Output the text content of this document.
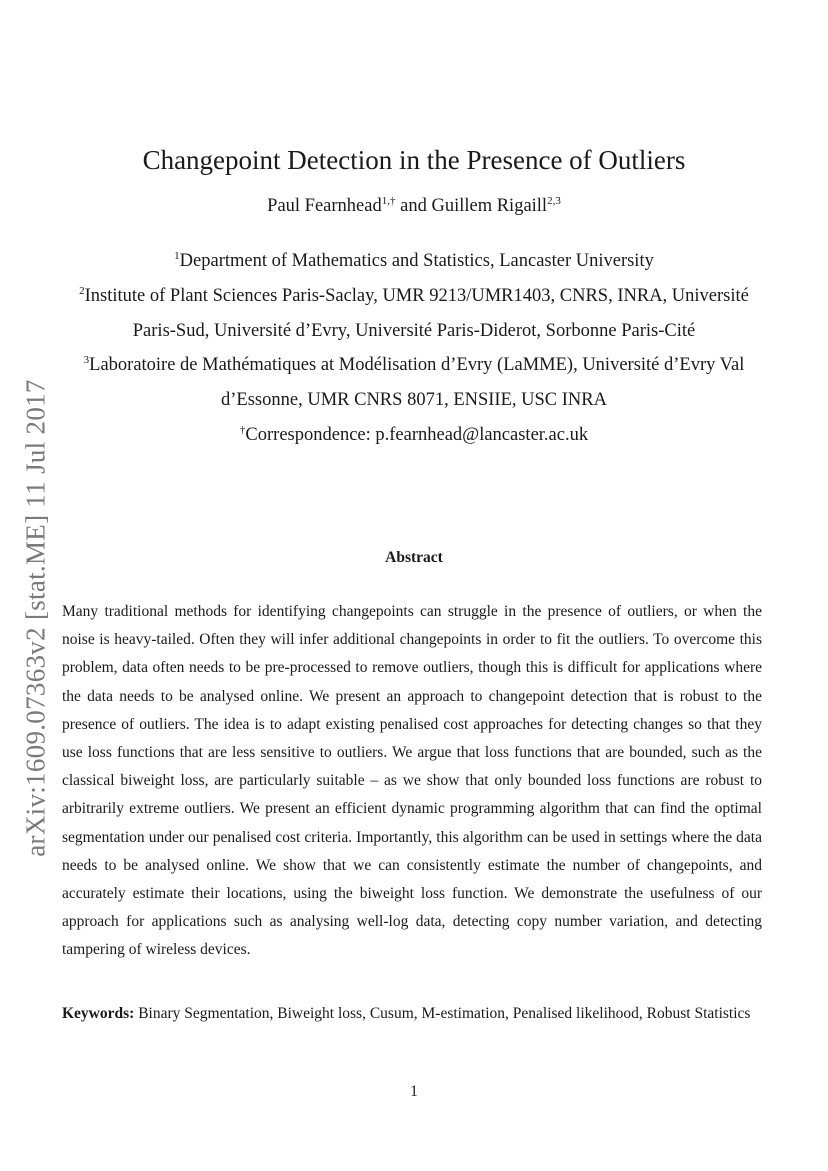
arXiv:1609.07363v2 [stat.ME] 11 Jul 2017
Changepoint Detection in the Presence of Outliers
Paul Fearnhead$^{1,\dagger}$ and Guillem Rigaill$^{2,3}$
$^1$Department of Mathematics and Statistics, Lancaster University
$^2$Institute of Plant Sciences Paris-Saclay, UMR 9213/UMR1403, CNRS, INRA, Université Paris-Sud, Université d’Evry, Université Paris-Diderot, Sorbonne Paris-Cité
$^3$Laboratoire de Mathématiques at Modélisation d’Evry (LaMME), Université d’Evry Val d’Essonne, UMR CNRS 8071, ENSIIE, USC INRA
†Correspondence: p.fearnhead@lancaster.ac.uk
Abstract

Many traditional methods for identifying changepoints can struggle in the presence of outliers, or when the noise is heavy-tailed. Often they will infer additional changepoints in order to fit the outliers. To overcome this problem, data often needs to be pre-processed to remove outliers, though this is difficult for applications where the data needs to be analysed online. We present an approach to changepoint detection that is robust to the presence of outliers. The idea is to adapt existing penalised cost approaches for detecting changes so that they use loss functions that are less sensitive to outliers. We argue that loss functions that are bounded, such as the classical biweight loss, are particularly suitable – as we show that only bounded loss functions are robust to arbitrarily extreme outliers. We present an efficient dynamic programming algorithm that can find the optimal segmentation under our penalised cost criteria. Importantly, this algorithm can be used in settings where the data needs to be analysed online. We show that we can consistently estimate the number of changepoints, and accurately estimate their locations, using the biweight loss function. We demonstrate the usefulness of our approach for applications such as analysing well-log data, detecting copy number variation, and detecting tampering of wireless devices.

Keywords: Binary Segmentation, Biweight loss, Cusum, M-estimation, Penalised likelihood, Robust Statistics

1
